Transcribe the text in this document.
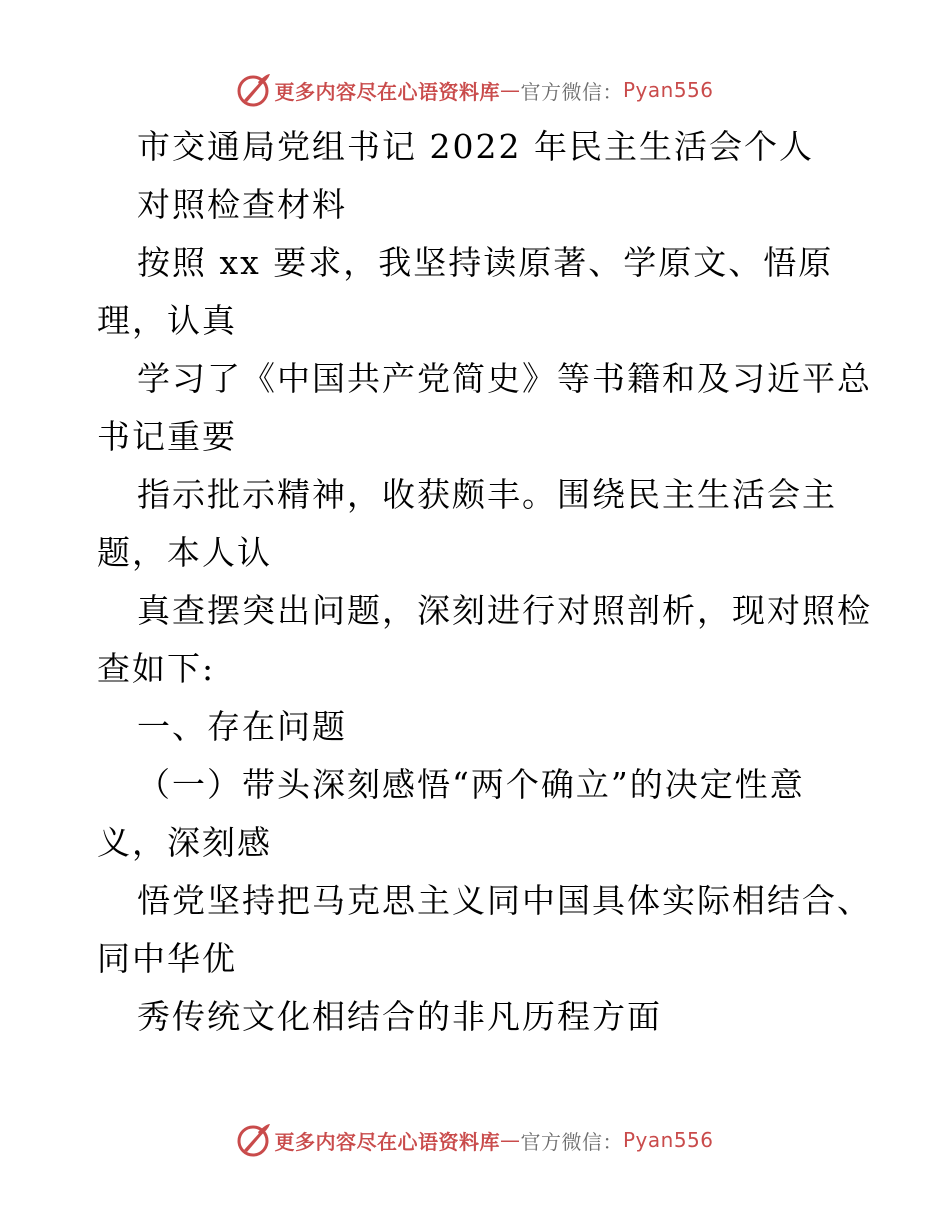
更多内容尽在心语资料库 — 官方微信： Pyan556
市交通局党组书记 2022 年民主生活会个人
对照检查材料
按照 xx 要求，我坚持读原著、学原文、悟原
理，认真
学习了《中国共产党简史》等书籍和及习近平总
书记重要
指示批示精神，收获颇丰。围绕民主生活会主
题，本人认
真查摆突出问题，深刻进行对照剖析，现对照检
查如下:
一、存在问题
（一）带头深刻感悟“两个确立”的决定性意
义，深刻感
悟党坚持把马克思主义同中国具体实际相结合、
同中华优
秀传统文化相结合的非凡历程方面
更多内容尽在心语资料库 — 官方微信： Pyan556
